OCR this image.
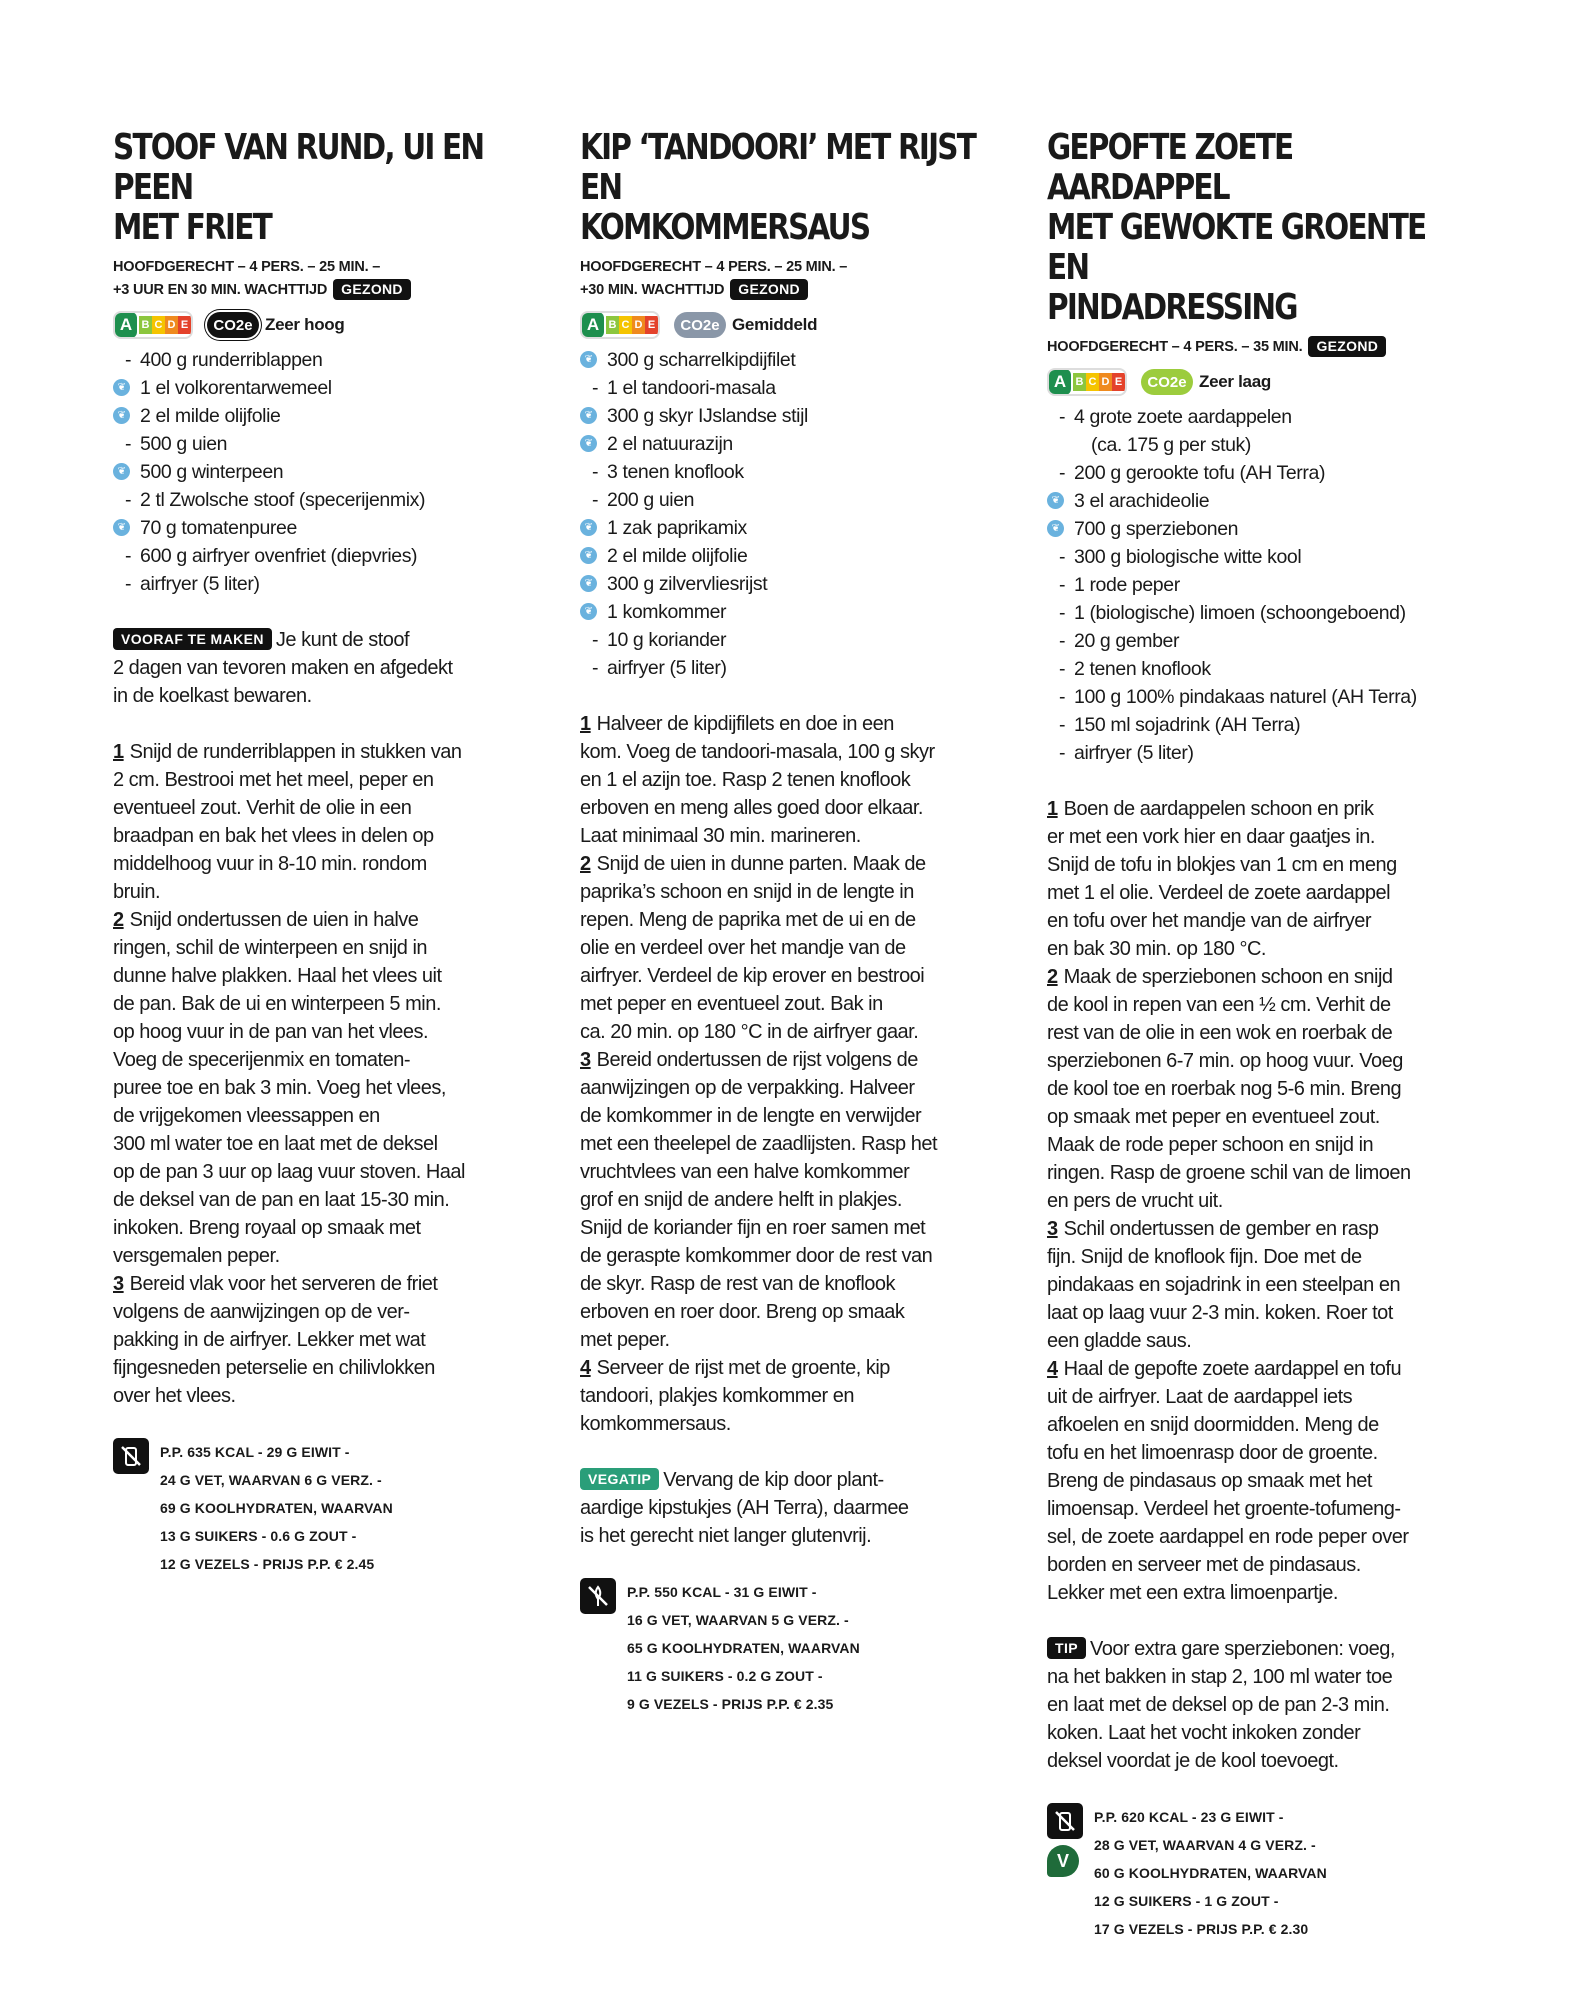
STOOF VAN RUND, UI EN PEEN
MET FRIET
HOOFDGERECHT – 4 PERS. – 25 MIN. –
+3 UUR EN 30 MIN. WACHTTIJD GEZOND
A B C D E	CO2e Zeer hoog
- 400 g runderriblappen
❦ 1 el volkorentarwemeel
❦ 2 el milde olijfolie
- 500 g uien
❦ 500 g winterpeen
- 2 tl Zwolsche stoof (specerijenmix)
❦ 70 g tomatenpuree
- 600 g airfryer ovenfriet (diepvries)
- airfryer (5 liter)

VOORAF TE MAKEN Je kunt de stoof
2 dagen van tevoren maken en afgedekt
in de koelkast bewaren.

1 Snijd de runderriblappen in stukken van
2 cm. Bestrooi met het meel, peper en
eventueel zout. Verhit de olie in een
braadpan en bak het vlees in delen op
middelhoog vuur in 8-10 min. rondom
bruin.

2 Snijd ondertussen de uien in halve
ringen, schil de winterpeen en snijd in
dunne halve plakken. Haal het vlees uit
de pan. Bak de ui en winterpeen 5 min.
op hoog vuur in de pan van het vlees.
Voeg de specerijenmix en tomaten-
puree toe en bak 3 min. Voeg het vlees,
de vrijgekomen vleessappen en
300 ml water toe en laat met de deksel
op de pan 3 uur op laag vuur stoven. Haal
de deksel van de pan en laat 15-30 min.
inkoken. Breng royaal op smaak met
versgemalen peper.

3 Bereid vlak voor het serveren de friet
volgens de aanwijzingen op de ver-
pakking in de airfryer. Lekker met wat
fijngesneden peterselie en chilivlokken
over het vlees.

P.P. 635 KCAL - 29 G EIWIT -
24 G VET, WAARVAN 6 G VERZ. -
69 G KOOLHYDRATEN, WAARVAN
13 G SUIKERS - 0.6 G ZOUT -
12 G VEZELS - PRIJS P.P. € 2.45
KIP ‘TANDOORI’ MET RIJST EN
KOMKOMMERSAUS
HOOFDGERECHT – 4 PERS. – 25 MIN. –
+30 MIN. WACHTTIJD GEZOND
A B C D E	CO2e Gemiddeld
❦ 300 g scharrelkipdijfilet
- 1 el tandoori-masala
❦ 300 g skyr IJslandse stijl
❦ 2 el natuurazijn
- 3 tenen knoflook
- 200 g uien
❦ 1 zak paprikamix
❦ 2 el milde olijfolie
❦ 300 g zilvervliesrijst
❦ 1 komkommer
- 10 g koriander
- airfryer (5 liter)

1 Halveer de kipdijfilets en doe in een
kom. Voeg de tandoori-masala, 100 g skyr
en 1 el azijn toe. Rasp 2 tenen knoflook
erboven en meng alles goed door elkaar.
Laat minimaal 30 min. marineren.

2 Snijd de uien in dunne parten. Maak de
paprika’s schoon en snijd in de lengte in
repen. Meng de paprika met de ui en de
olie en verdeel over het mandje van de
airfryer. Verdeel de kip erover en bestrooi
met peper en eventueel zout. Bak in
ca. 20 min. op 180 °C in de airfryer gaar.

3 Bereid ondertussen de rijst volgens de
aanwijzingen op de verpakking. Halveer
de komkommer in de lengte en verwijder
met een theelepel de zaadlijsten. Rasp het
vruchtvlees van een halve komkommer
grof en snijd de andere helft in plakjes.
Snijd de koriander fijn en roer samen met
de geraspte komkommer door de rest van
de skyr. Rasp de rest van de knoflook
erboven en roer door. Breng op smaak
met peper.

4 Serveer de rijst met de groente, kip
tandoori, plakjes komkommer en
komkommersaus.

VEGATIP Vervang de kip door plant-
aardige kipstukjes (AH Terra), daarmee
is het gerecht niet langer glutenvrij.

P.P. 550 KCAL - 31 G EIWIT -
16 G VET, WAARVAN 5 G VERZ. -
65 G KOOLHYDRATEN, WAARVAN
11 G SUIKERS - 0.2 G ZOUT -
9 G VEZELS - PRIJS P.P. € 2.35
GEPOFTE ZOETE AARDAPPEL
MET GEWOKTE GROENTE EN
PINDADRESSING
HOOFDGERECHT – 4 PERS. – 35 MIN. GEZOND
A B C D E	CO2e Zeer laag
- 4 grote zoete aardappelen
(ca. 175 g per stuk)
- 200 g gerookte tofu (AH Terra)
❦ 3 el arachideolie
❦ 700 g sperziebonen
- 300 g biologische witte kool
- 1 rode peper
- 1 (biologische) limoen (schoongeboend)
- 20 g gember
- 2 tenen knoflook
- 100 g 100% pindakaas naturel (AH Terra)
- 150 ml sojadrink (AH Terra)
- airfryer (5 liter)

1 Boen de aardappelen schoon en prik
er met een vork hier en daar gaatjes in.
Snijd de tofu in blokjes van 1 cm en meng
met 1 el olie. Verdeel de zoete aardappel
en tofu over het mandje van de airfryer
en bak 30 min. op 180 °C.

2 Maak de sperziebonen schoon en snijd
de kool in repen van een ½ cm. Verhit de
rest van de olie in een wok en roerbak de
sperziebonen 6-7 min. op hoog vuur. Voeg
de kool toe en roerbak nog 5-6 min. Breng
op smaak met peper en eventueel zout.
Maak de rode peper schoon en snijd in
ringen. Rasp de groene schil van de limoen
en pers de vrucht uit.

3 Schil ondertussen de gember en rasp
fijn. Snijd de knoflook fijn. Doe met de
pindakaas en sojadrink in een steelpan en
laat op laag vuur 2-3 min. koken. Roer tot
een gladde saus.

4 Haal de gepofte zoete aardappel en tofu
uit de airfryer. Laat de aardappel iets
afkoelen en snijd doormidden. Meng de
tofu en het limoenrasp door de groente.
Breng de pindasaus op smaak met het
limoensap. Verdeel het groente-tofumeng-
sel, de zoete aardappel en rode peper over
borden en serveer met de pindasaus.
Lekker met een extra limoenpartje.

TIP Voor extra gare sperziebonen: voeg,
na het bakken in stap 2, 100 ml water toe
en laat met de deksel op de pan 2-3 min.
koken. Laat het vocht inkoken zonder
deksel voordat je de kool toevoegt.

V
P.P. 620 KCAL - 23 G EIWIT -
28 G VET, WAARVAN 4 G VERZ. -
60 G KOOLHYDRATEN, WAARVAN
12 G SUIKERS - 1 G ZOUT -
17 G VEZELS - PRIJS P.P. € 2.30
